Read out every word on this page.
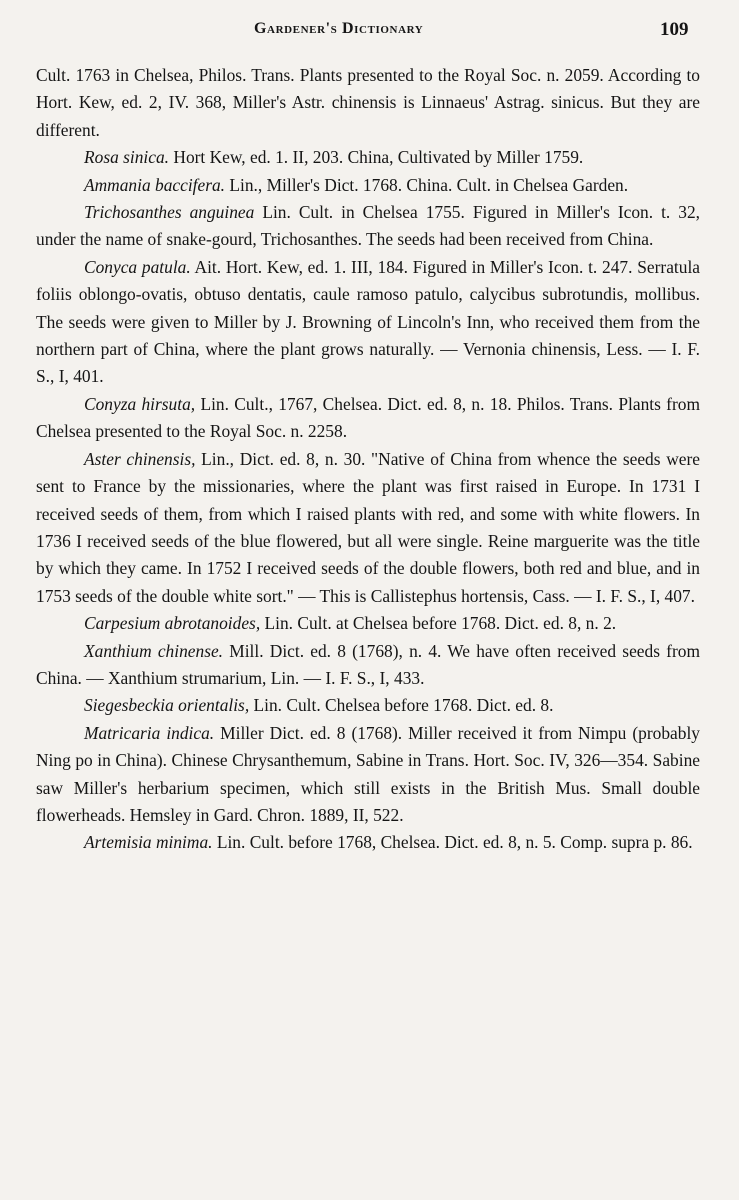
Gardener's Dictionary	109

Cult. 1763 in Chelsea, Philos. Trans. Plants presented to the Royal Soc. n. 2059. According to Hort. Kew, ed. 2, IV. 368, Miller's Astr. chinensis is Linnaeus' Astrag. sinicus. But they are different.

Rosa sinica. Hort Kew, ed. 1. II, 203. China, Cultivated by Miller 1759.

Ammania baccifera. Lin., Miller's Dict. 1768. China. Cult. in Chelsea Garden.

Trichosanthes anguinea Lin. Cult. in Chelsea 1755. Figured in Miller's Icon. t. 32, under the name of snake-gourd, Trichosanthes. The seeds had been received from China.

Conyca patula. Ait. Hort. Kew, ed. 1. III, 184. Figured in Miller's Icon. t. 247. Serratula foliis oblongo-ovatis, obtuso dentatis, caule ramoso patulo, calycibus subrotundis, mollibus. The seeds were given to Miller by J. Browning of Lincoln's Inn, who received them from the northern part of China, where the plant grows naturally. — Vernonia chinensis, Less. — I. F. S., I, 401.

Conyza hirsuta, Lin. Cult., 1767, Chelsea. Dict. ed. 8, n. 18. Philos. Trans. Plants from Chelsea presented to the Royal Soc. n. 2258.

Aster chinensis, Lin., Dict. ed. 8, n. 30. "Native of China from whence the seeds were sent to France by the missionaries, where the plant was first raised in Europe. In 1731 I received seeds of them, from which I raised plants with red, and some with white flowers. In 1736 I received seeds of the blue flowered, but all were single. Reine marguerite was the title by which they came. In 1752 I received seeds of the double flowers, both red and blue, and in 1753 seeds of the double white sort." — This is Callistephus hortensis, Cass. — I. F. S., I, 407.

Carpesium abrotanoides, Lin. Cult. at Chelsea before 1768. Dict. ed. 8, n. 2.

Xanthium chinense. Mill. Dict. ed. 8 (1768), n. 4. We have often received seeds from China. — Xanthium strumarium, Lin. — I. F. S., I, 433.

Siegesbeckia orientalis, Lin. Cult. Chelsea before 1768. Dict. ed. 8.

Matricaria indica. Miller Dict. ed. 8 (1768). Miller received it from Nimpu (probably Ning po in China). Chinese Chrysanthemum, Sabine in Trans. Hort. Soc. IV, 326—354. Sabine saw Miller's herbarium specimen, which still exists in the British Mus. Small double flowerheads. Hemsley in Gard. Chron. 1889, II, 522.

Artemisia minima. Lin. Cult. before 1768, Chelsea. Dict. ed. 8, n. 5. Comp. supra p. 86.
